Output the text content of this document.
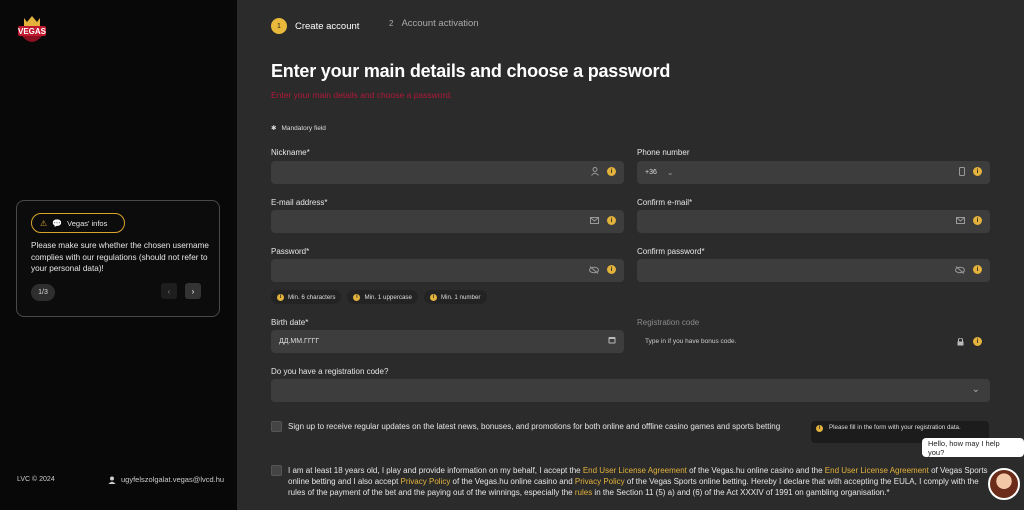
VEGAS
⚠ 💬 Vegas' infos
Please make sure whether the chosen username complies with our regulations (should not refer to your personal data)!
1/3	‹	›
LVC © 2024	ugyfelszolgalat.vegas@lvcd.hu
1	Create account	2 Account activation
Enter your main details and choose a password
Enter your main details and choose a password.
✱ Mandatory field
Nickname*
i
Phone number
+36 ⌄	i
E-mail address*
i
Confirm e-mail*
i
Password*
i
Confirm password*
i
i	Min. 6 characters	i	Min. 1 uppercase	i	Min. 1 number
Birth date*
ДД.ММ.ГГГГ
Registration code
Type in if you have bonus code.	i
Do you have a registration code?
⌄
Sign up to receive regular updates on the latest news, bonuses, and promotions for both online and offline casino games and sports betting
I am at least 18 years old, I play and provide information on my behalf, I accept the End User License Agreement of the Vegas.hu online casino and the End User License Agreement of Vegas Sports online betting and I also accept Privacy Policy of the Vegas.hu online casino and Privacy Policy of the Vegas Sports online betting. Hereby I declare that with accepting the EULA, I comply with the rules of the payment of the bet and the paying out of the winnings, especially the rules in the Section 11 (5) a) and (6) of the Act XXXIV of 1991 on gambling organisation.*
i	Please fill in the form with your registration data.
Hello, how may I help you?
